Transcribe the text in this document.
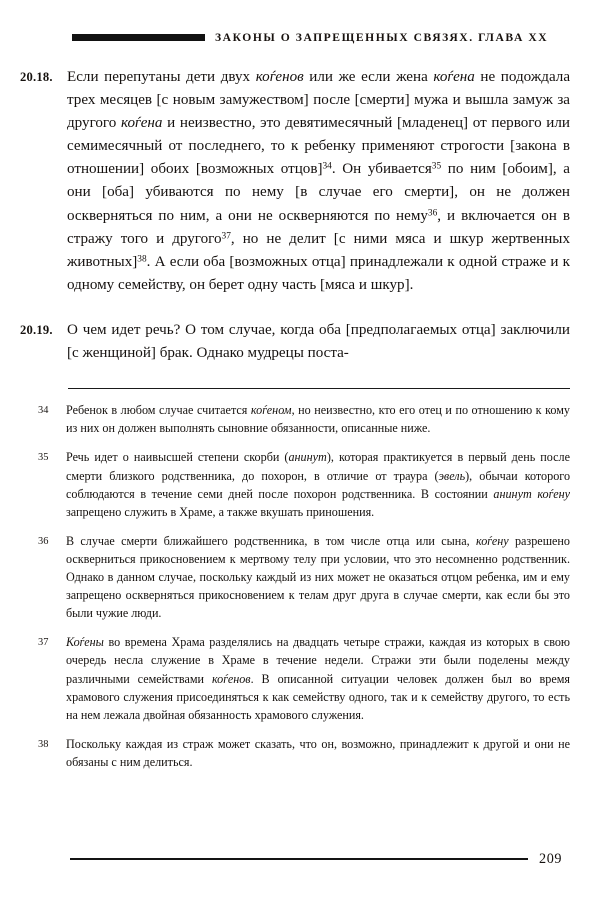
ЗАКОНЫ О ЗАПРЕЩЕННЫХ СВЯЗЯХ. ГЛАВА XX
20.18. Если перепутаны дети двух коѓенов или же если жена коѓена не подождала трех месяцев [с новым замужеством] после [смерти] мужа и вышла замуж за другого коѓена и неизвестно, это девятимесячный [младенец] от первого или семимесячный от последнего, то к ребенку применяют строгости [закона в отношении] обоих [возможных отцов]$^{34}$. Он убивается$^{35}$ по ним [обоим], а они [оба] убиваются по нему [в случае его смерти], он не должен оскверняться по ним, а они не оскверняются по нему$^{36}$, и включается он в стражу того и другого$^{37}$, но не делит [с ними мяса и шкур жертвенных животных]$^{38}$. А если оба [возможных отца] принадлежали к одной страже и к одному семейству, он берет одну часть [мяса и шкур].
20.19. О чем идет речь? О том случае, когда оба [предполагаемых отца] заключили [с женщиной] брак. Однако мудрецы поста-
34	Ребенок в любом случае считается коѓеном, но неизвестно, кто его отец и по отношению к кому из них он должен выполнять сыновние обязанности, описанные ниже.
35	Речь идет о наивысшей степени скорби (анинут), которая практикуется в первый день после смерти близкого родственника, до похорон, в отличие от траура (эвель), обычаи которого соблюдаются в течение семи дней после похорон родственника. В состоянии анинут коѓену запрещено служить в Храме, а также вкушать приношения.
36	В случае смерти ближайшего родственника, в том числе отца или сына, коѓену разрешено оскверниться прикосновением к мертвому телу при условии, что это несомненно родственник. Однако в данном случае, поскольку каждый из них может не оказаться отцом ребенка, им и ему запрещено оскверняться прикосновением к телам друг друга в случае смерти, как если бы это были чужие люди.
37	Коѓены во времена Храма разделялись на двадцать четыре стражи, каждая из которых в свою очередь несла служение в Храме в течение недели. Стражи эти были поделены между различными семействами коѓенов. В описанной ситуации человек должен был во время храмового служения присоединяться к как семейству одного, так и к семейству другого, то есть на нем лежала двойная обязанность храмового служения.
38	Поскольку каждая из страж может сказать, что он, возможно, принадлежит к другой и они не обязаны с ним делиться.
209
